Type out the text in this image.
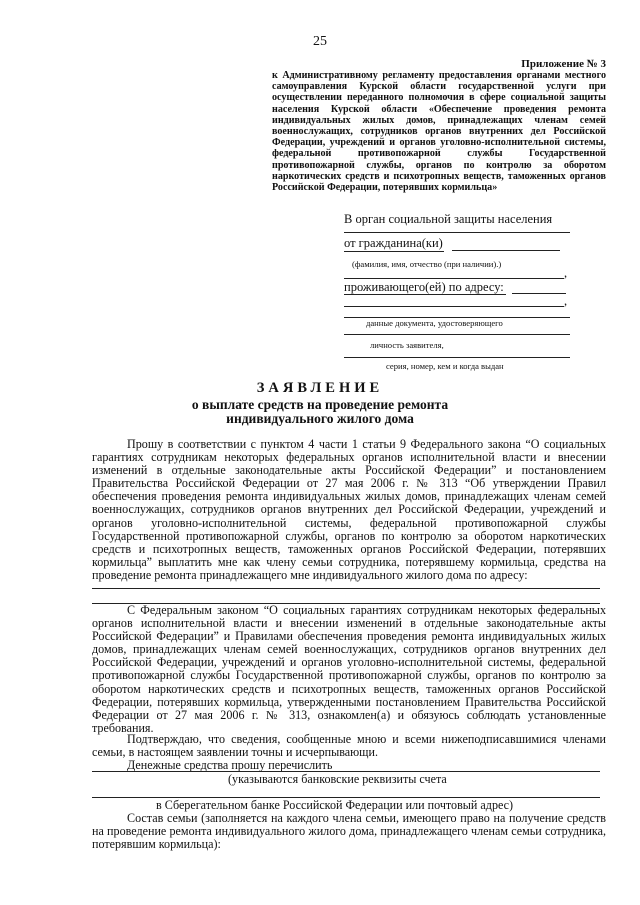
25
Приложение № 3
к Административному регламенту предоставления органами местного самоуправления Курской области государственной услуги при осуществлении переданного полномочия в сфере социальной защиты населения Курской области «Обеспечение проведения ремонта индивидуальных жилых домов, принадлежащих членам семей военнослужащих, сотрудников органов внутренних дел Российской Федерации, учреждений и органов уголовно-исполнительной системы, федеральной противопожарной службы Государственной противопожарной службы, органов по контролю за оборотом наркотических средств и психотропных веществ, таможенных органов Российской Федерации, потерявших кормильца»
В орган социальной защиты населения
от гражданина(ки)
(фамилия, имя, отчество (при наличии).)
,
проживающего(ей) по адресу:
,
данные документа, удостоверяющего
личность заявителя,
серия, номер, кем и когда выдан
ЗАЯВЛЕНИЕ
о выплате средств на проведение ремонта
индивидуального жилого дома
Прошу в соответствии с пунктом 4 части 1 статьи 9 Федерального закона “О социальных гарантиях сотрудникам некоторых федеральных органов исполнительной власти и внесении изменений в отдельные законодательные акты Российской Федерации” и постановлением Правительства Российской Федерации от 27 мая 2006 г. № 313 “Об утверждении Правил обеспечения проведения ремонта индивидуальных жилых домов, принадлежащих членам семей военнослужащих, сотрудников органов внутренних дел Российской Федерации, учреждений и органов уголовно-исполнительной системы, федеральной противопожарной службы Государственной противопожарной службы, органов по контролю за оборотом наркотических средств и психотропных веществ, таможенных органов Российской Федерации, потерявших кормильца” выплатить мне как члену семьи сотрудника, потерявшему кормильца, средства на проведение ремонта принадлежащего мне индивидуального жилого дома по адресу:
С Федеральным законом “О социальных гарантиях сотрудникам некоторых федеральных органов исполнительной власти и внесении изменений в отдельные законодательные акты Российской Федерации” и Правилами обеспечения проведения ремонта индивидуальных жилых домов, принадлежащих членам семей военнослужащих, сотрудников органов внутренних дел Российской Федерации, учреждений и органов уголовно-исполнительной системы, федеральной противопожарной службы Государственной противопожарной службы, органов по контролю за оборотом наркотических средств и психотропных веществ, таможенных органов Российской Федерации, потерявших кормильца, утвержденными постановлением Правительства Российской Федерации от 27 мая 2006 г. № 313, ознакомлен(а) и обязуюсь соблюдать установленные требования.
Подтверждаю, что сведения, сообщенные мною и всеми нижеподписавшимися членами семьи, в настоящем заявлении точны и исчерпывающи.
Денежные средства прошу перечислить
(указываются банковские реквизиты счета
в Сберегательном банке Российской Федерации или почтовый адрес)
Состав семьи (заполняется на каждого члена семьи, имеющего право на получение средств на проведение ремонта индивидуального жилого дома, принадлежащего членам семьи сотрудника, потерявшим кормильца):
